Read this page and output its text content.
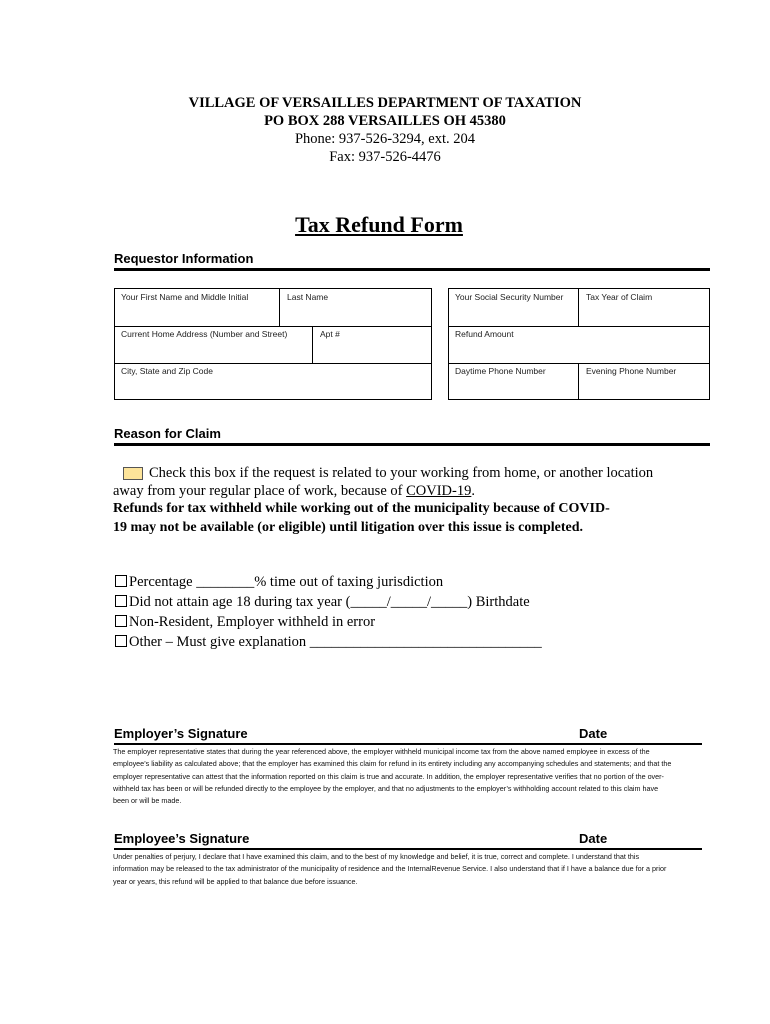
VILLAGE OF VERSAILLES DEPARTMENT OF TAXATION
PO BOX 288 VERSAILLES OH 45380
Phone: 937-526-3294, ext. 204
Fax: 937-526-4476
Tax Refund Form
Requestor Information
Your First Name and Middle Initial	Last Name
Current Home Address (Number and Street)	Apt #
City, State and Zip Code
Your Social Security Number	Tax Year of Claim
Refund Amount
Daytime Phone Number	Evening Phone Number
Reason for Claim
Check this box if the request is related to your working from home, or another location away from your regular place of work, because of COVID-19.
Refunds for tax withheld while working out of the municipality because of COVID-19 may not be available (or eligible) until litigation over this issue is completed.
Percentage ________% time out of taxing jurisdiction
Did not attain age 18 during tax year (_____/_____/_____) Birthdate
Non-Resident, Employer withheld in error
Other – Must give explanation ________________________________
Employer’s Signature	Date
The employer representative states that during the year referenced above, the employer withheld municipal income tax from the above named employee in excess of the employee’s liability as calculated above; that the employer has examined this claim for refund in its entirety including any accompanying schedules and statements; and that the employer representative can attest that the information reported on this claim is true and accurate. In addition, the employer representative verifies that no portion of the over-withheld tax has been or will be refunded directly to the employee by the employer, and that no adjustments to the employer’s withholding account related to this claim have been or will be made.
Employee’s Signature	Date
Under penalties of perjury, I declare that I have examined this claim, and to the best of my knowledge and belief, it is true, correct and complete. I understand that this information may be released to the tax administrator of the municipality of residence and the InternalRevenue Service. I also understand that if I have a balance due for a prior year or years, this refund will be applied to that balance due before issuance.
